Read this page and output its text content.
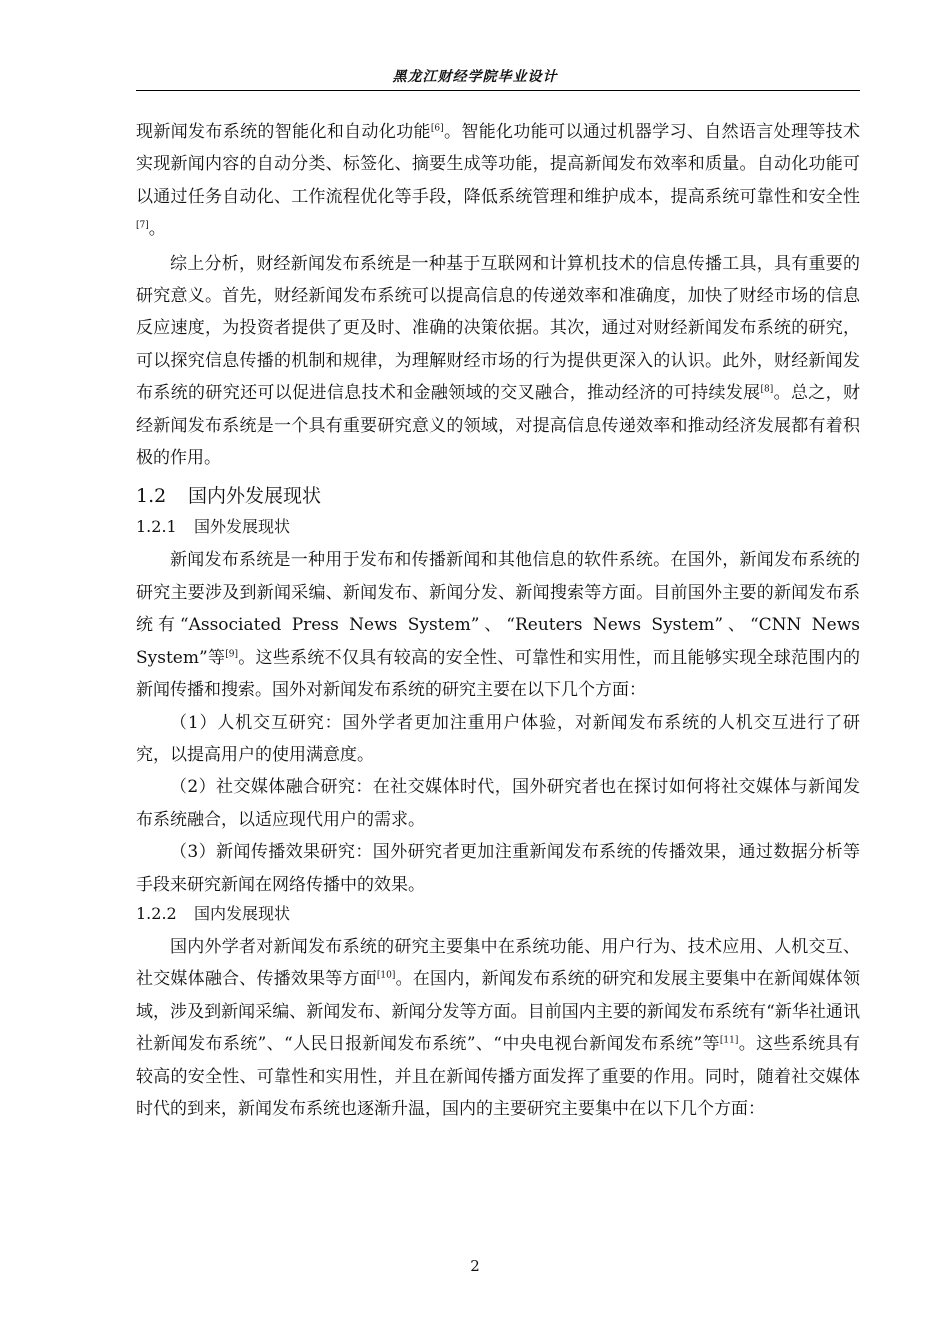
黑龙江财经学院毕业设计

现新闻发布系统的智能化和自动化功能[6]。智能化功能可以通过机器学习、自然语言处理等技术实现新闻内容的自动分类、标签化、摘要生成等功能，提高新闻发布效率和质量。自动化功能可以通过任务自动化、工作流程优化等手段，降低系统管理和维护成本，提高系统可靠性和安全性[7]。

综上分析，财经新闻发布系统是一种基于互联网和计算机技术的信息传播工具，具有重要的研究意义。首先，财经新闻发布系统可以提高信息的传递效率和准确度，加快了财经市场的信息反应速度，为投资者提供了更及时、准确的决策依据。其次，通过对财经新闻发布系统的研究，可以探究信息传播的机制和规律，为理解财经市场的行为提供更深入的认识。此外，财经新闻发布系统的研究还可以促进信息技术和金融领域的交叉融合，推动经济的可持续发展[8]。总之，财经新闻发布系统是一个具有重要研究意义的领域，对提高信息传递效率和推动经济发展都有着积极的作用。

1.2 国内外发展现状
1.2.1 国外发展现状

新闻发布系统是一种用于发布和传播新闻和其他信息的软件系统。在国外，新闻发布系统的研究主要涉及到新闻采编、新闻发布、新闻分发、新闻搜索等方面。目前国外主要的新闻发布系统有“Associated Press News System”、“Reuters News System”、“CNN News System”等[9]。这些系统不仅具有较高的安全性、可靠性和实用性，而且能够实现全球范围内的新闻传播和搜索。国外对新闻发布系统的研究主要在以下几个方面：

（1）人机交互研究：国外学者更加注重用户体验，对新闻发布系统的人机交互进行了研究，以提高用户的使用满意度。

（2）社交媒体融合研究：在社交媒体时代，国外研究者也在探讨如何将社交媒体与新闻发布系统融合，以适应现代用户的需求。

（3）新闻传播效果研究：国外研究者更加注重新闻发布系统的传播效果，通过数据分析等手段来研究新闻在网络传播中的效果。

1.2.2 国内发展现状

国内外学者对新闻发布系统的研究主要集中在系统功能、用户行为、技术应用、人机交互、社交媒体融合、传播效果等方面[10]。在国内，新闻发布系统的研究和发展主要集中在新闻媒体领域，涉及到新闻采编、新闻发布、新闻分发等方面。目前国内主要的新闻发布系统有“新华社通讯社新闻发布系统”、“人民日报新闻发布系统”、“中央电视台新闻发布系统”等[11]。这些系统具有较高的安全性、可靠性和实用性，并且在新闻传播方面发挥了重要的作用。同时，随着社交媒体时代的到来，新闻发布系统也逐渐升温，国内的主要研究主要集中在以下几个方面：

2
